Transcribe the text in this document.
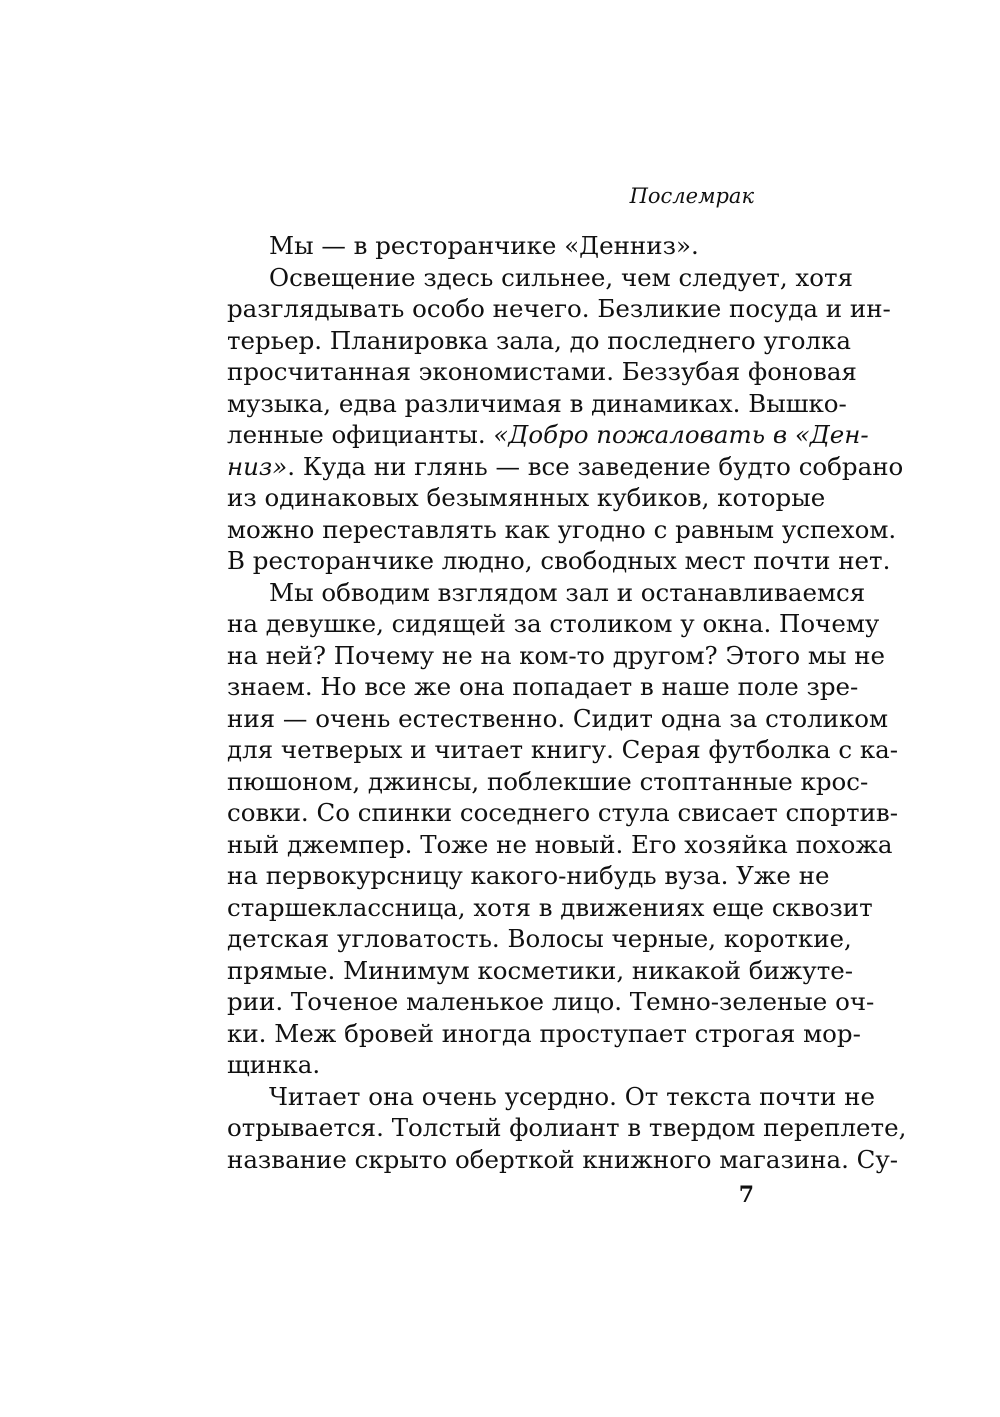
Послемрак

Мы — в ресторанчике «Денниз».

Освещение здесь сильнее, чем следует, хотя
разглядывать особо нечего. Безликие посуда и ин-
терьер. Планировка зала, до последнего уголка
просчитанная экономистами. Беззубая фоновая
музыка, едва различимая в динамиках. Вышко-
ленные официанты. «Добро пожаловать в «Ден-
низ». Куда ни глянь — все заведение будто собрано
из одинаковых безымянных кубиков, которые
можно переставлять как угодно с равным успехом.
В ресторанчике людно, свободных мест почти нет.

Мы обводим взглядом зал и останавливаемся
на девушке, сидящей за столиком у окна. Почему
на ней? Почему не на ком-то другом? Этого мы не
знаем. Но все же она попадает в наше поле зре-
ния — очень естественно. Сидит одна за столиком
для четверых и читает книгу. Серая футболка с ка-
пюшоном, джинсы, поблекшие стоптанные крос-
совки. Со спинки соседнего стула свисает спортив-
ный джемпер. Тоже не новый. Его хозяйка похожа
на первокурсницу какого-нибудь вуза. Уже не
старшеклассница, хотя в движениях еще сквозит
детская угловатость. Волосы черные, короткие,
прямые. Минимум косметики, никакой бижуте-
рии. Точеное маленькое лицо. Темно-зеленые оч-
ки. Меж бровей иногда проступает строгая мор-
щинка.

Читает она очень усердно. От текста почти не
отрывается. Толстый фолиант в твердом переплете,
название скрыто оберткой книжного магазина. Су-

7
